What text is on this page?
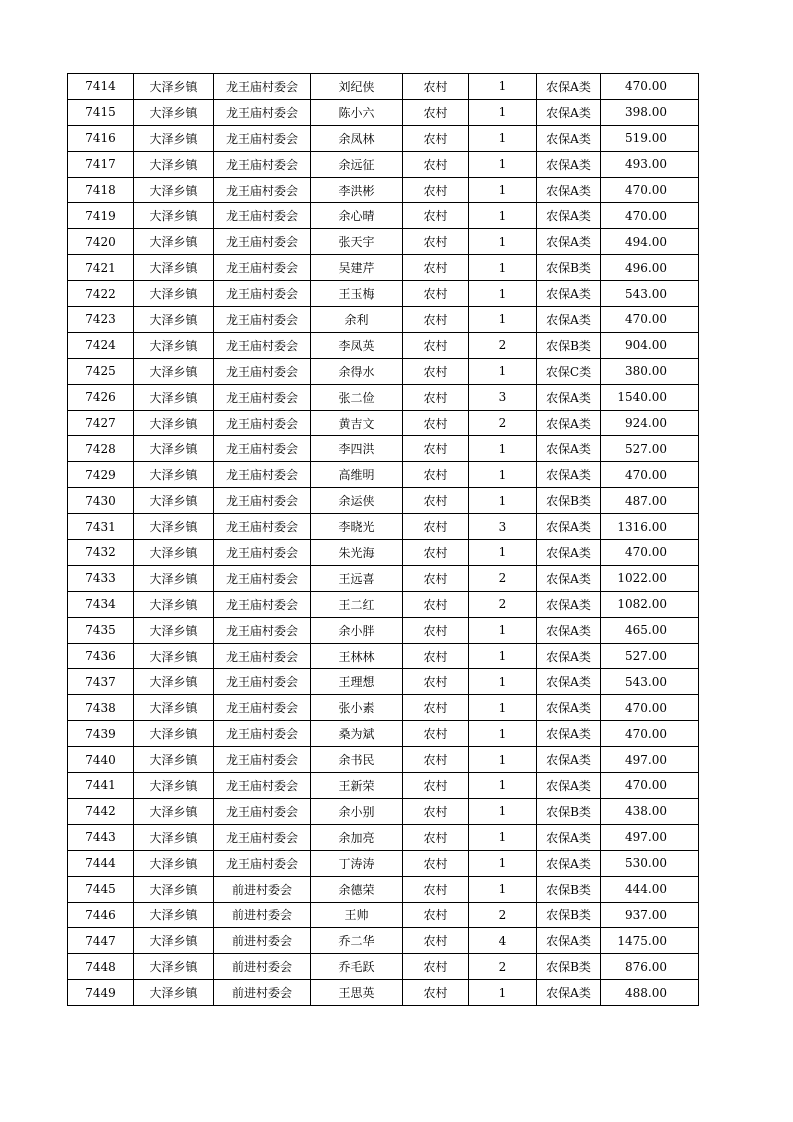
7414	大泽乡镇	龙王庙村委会	刘纪侠	农村	1	农保A类	470.00
7415	大泽乡镇	龙王庙村委会	陈小六	农村	1	农保A类	398.00
7416	大泽乡镇	龙王庙村委会	余凤林	农村	1	农保A类	519.00
7417	大泽乡镇	龙王庙村委会	余远征	农村	1	农保A类	493.00
7418	大泽乡镇	龙王庙村委会	李洪彬	农村	1	农保A类	470.00
7419	大泽乡镇	龙王庙村委会	余心晴	农村	1	农保A类	470.00
7420	大泽乡镇	龙王庙村委会	张天宇	农村	1	农保A类	494.00
7421	大泽乡镇	龙王庙村委会	吴建芹	农村	1	农保B类	496.00
7422	大泽乡镇	龙王庙村委会	王玉梅	农村	1	农保A类	543.00
7423	大泽乡镇	龙王庙村委会	余利	农村	1	农保A类	470.00
7424	大泽乡镇	龙王庙村委会	李凤英	农村	2	农保B类	904.00
7425	大泽乡镇	龙王庙村委会	余得水	农村	1	农保C类	380.00
7426	大泽乡镇	龙王庙村委会	张二俭	农村	3	农保A类	1540.00
7427	大泽乡镇	龙王庙村委会	黄吉文	农村	2	农保A类	924.00
7428	大泽乡镇	龙王庙村委会	李四洪	农村	1	农保A类	527.00
7429	大泽乡镇	龙王庙村委会	高维明	农村	1	农保A类	470.00
7430	大泽乡镇	龙王庙村委会	余运侠	农村	1	农保B类	487.00
7431	大泽乡镇	龙王庙村委会	李晓光	农村	3	农保A类	1316.00
7432	大泽乡镇	龙王庙村委会	朱光海	农村	1	农保A类	470.00
7433	大泽乡镇	龙王庙村委会	王远喜	农村	2	农保A类	1022.00
7434	大泽乡镇	龙王庙村委会	王二红	农村	2	农保A类	1082.00
7435	大泽乡镇	龙王庙村委会	余小胖	农村	1	农保A类	465.00
7436	大泽乡镇	龙王庙村委会	王林林	农村	1	农保A类	527.00
7437	大泽乡镇	龙王庙村委会	王理想	农村	1	农保A类	543.00
7438	大泽乡镇	龙王庙村委会	张小素	农村	1	农保A类	470.00
7439	大泽乡镇	龙王庙村委会	桑为斌	农村	1	农保A类	470.00
7440	大泽乡镇	龙王庙村委会	余书民	农村	1	农保A类	497.00
7441	大泽乡镇	龙王庙村委会	王新荣	农村	1	农保A类	470.00
7442	大泽乡镇	龙王庙村委会	余小别	农村	1	农保B类	438.00
7443	大泽乡镇	龙王庙村委会	余加亮	农村	1	农保A类	497.00
7444	大泽乡镇	龙王庙村委会	丁涛涛	农村	1	农保A类	530.00
7445	大泽乡镇	前进村委会	余德荣	农村	1	农保B类	444.00
7446	大泽乡镇	前进村委会	王帅	农村	2	农保B类	937.00
7447	大泽乡镇	前进村委会	乔二华	农村	4	农保A类	1475.00
7448	大泽乡镇	前进村委会	乔毛跃	农村	2	农保B类	876.00
7449	大泽乡镇	前进村委会	王思英	农村	1	农保A类	488.00
